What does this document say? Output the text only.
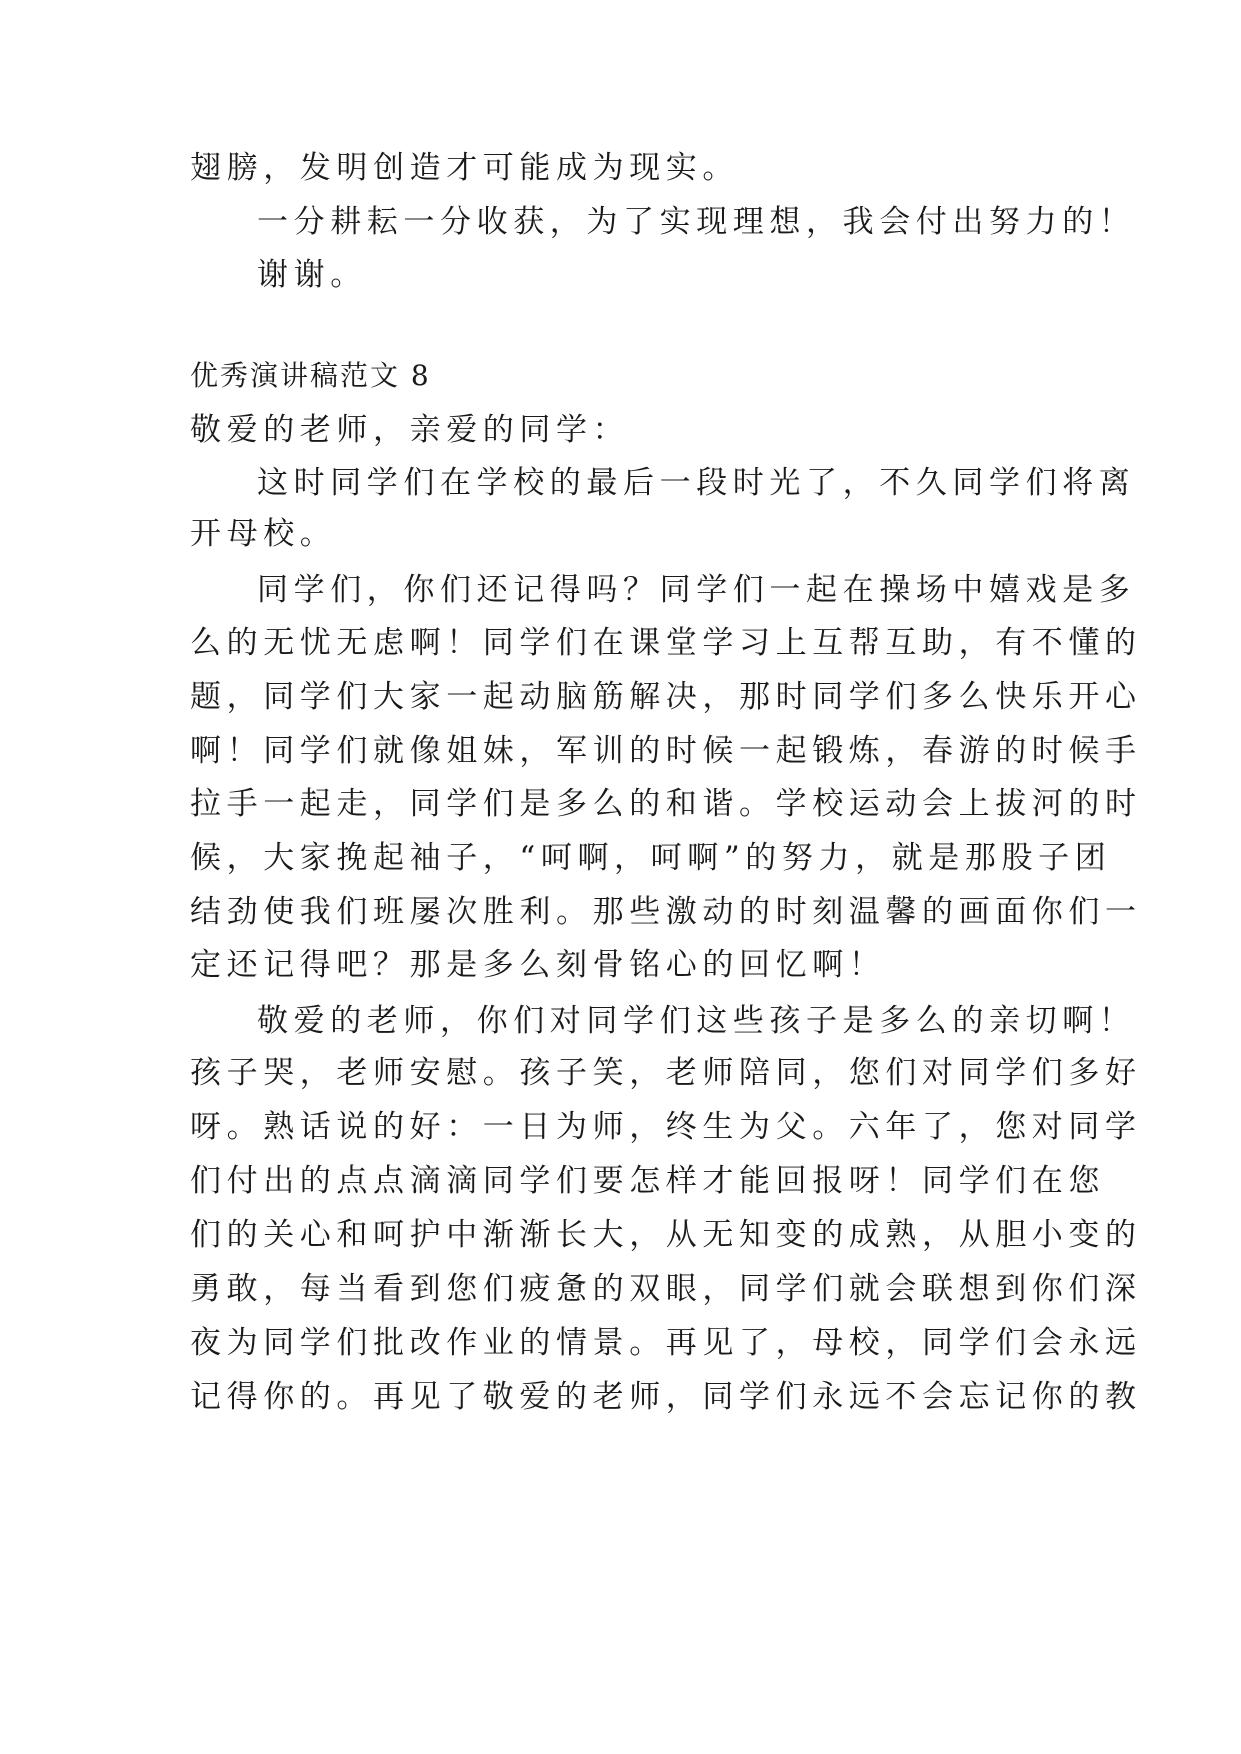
翅膀，发明创造才可能成为现实。
一分耕耘一分收获，为了实现理想，我会付出努力的！
谢谢。
优秀演讲稿范文 8
敬爱的老师，亲爱的同学：
这时同学们在学校的最后一段时光了，不久同学们将离
开母校。
同学们，你们还记得吗？同学们一起在操场中嬉戏是多
么的无忧无虑啊！同学们在课堂学习上互帮互助，有不懂的
题，同学们大家一起动脑筋解决，那时同学们多么快乐开心
啊！同学们就像姐妹，军训的时候一起锻炼，春游的时候手
拉手一起走，同学们是多么的和谐。学校运动会上拔河的时
候，大家挽起袖子，“呵啊，呵啊”的努力，就是那股子团
结劲使我们班屡次胜利。那些激动的时刻温馨的画面你们一
定还记得吧？那是多么刻骨铭心的回忆啊！
敬爱的老师，你们对同学们这些孩子是多么的亲切啊！
孩子哭，老师安慰。孩子笑，老师陪同，您们对同学们多好
呀。熟话说的好：一日为师，终生为父。六年了，您对同学
们付出的点点滴滴同学们要怎样才能回报呀！同学们在您
们的关心和呵护中渐渐长大，从无知变的成熟，从胆小变的
勇敢，每当看到您们疲惫的双眼，同学们就会联想到你们深
夜为同学们批改作业的情景。再见了，母校，同学们会永远
记得你的。再见了敬爱的老师，同学们永远不会忘记你的教
